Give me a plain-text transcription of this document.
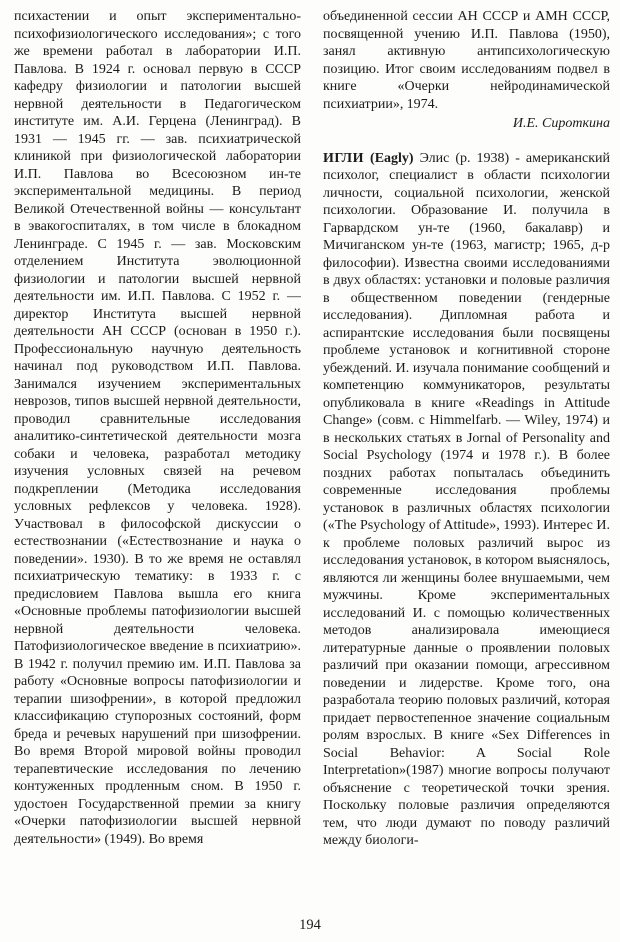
психастении и опыт экспериментально-психофизиологического исследования»; с того же времени работал в лаборатории И.П. Павлова. В 1924 г. основал первую в СССР кафедру физиологии и патологии высшей нервной деятельности в Педагогическом институте им. А.И. Герцена (Ленинград). В 1931 — 1945 гг. — зав. психиатрической клиникой при физиологической лаборатории И.П. Павлова во Всесоюзном ин-те экспериментальной медицины. В период Великой Отечественной войны — консультант в эвакогоспиталях, в том числе в блокадном Ленинграде. С 1945 г. — зав. Московским отделением Института эволюционной физиологии и патологии высшей нервной деятельности им. И.П. Павлова. С 1952 г. — директор Института высшей нервной деятельности АН СССР (основан в 1950 г.). Профессиональную научную деятельность начинал под руководством И.П. Павлова. Занимался изучением экспериментальных неврозов, типов высшей нервной деятельности, проводил сравнительные исследования аналитико-синтетической деятельности мозга собаки и человека, разработал методику изучения условных связей на речевом подкреплении (Методика исследования условных рефлексов у человека. 1928). Участвовал в философской дискуссии о естествознании («Естествознание и наука о поведении». 1930). В то же время не оставлял психиатрическую тематику: в 1933 г. с предисловием Павлова вышла его книга «Основные проблемы патофизиологии высшей нервной деятельности человека. Патофизиологическое введение в психиатрию». В 1942 г. получил премию им. И.П. Павлова за работу «Основные вопросы патофизиологии и терапии шизофрении», в которой предложил классификацию ступорозных состояний, форм бреда и речевых нарушений при шизофрении. Во время Второй мировой войны проводил терапевтические исследования по лечению контуженных продленным сном. В 1950 г. удостоен Государственной премии за книгу «Очерки патофизиологии высшей нервной деятельности» (1949). Во время

объединенной сессии АН СССР и АМН СССР, посвященной учению И.П. Павлова (1950), занял активную антипсихологическую позицию. Итог своим исследованиям подвел в книге «Очерки нейродинамической психиатрии», 1974.

И.Е. Сироткина

ИГЛИ (Eagly) Элис (р. 1938) - американский психолог, специалист в области психологии личности, социальной психологии, женской психологии. Образование И. получила в Гарвардском ун-те (1960, бакалавр) и Мичиганском ун-те (1963, магистр; 1965, д-р философии). Известна своими исследованиями в двух областях: установки и половые различия в общественном поведении (гендерные исследования). Дипломная работа и аспирантские исследования были посвящены проблеме установок и когнитивной стороне убеждений. И. изучала понимание сообщений и компетенцию коммуникаторов, результаты опубликовала в книге «Readings in Attitude Change» (совм. с Himmelfarb. — Wiley, 1974) и в нескольких статьях в Jornal of Personality and Social Psychology (1974 и 1978 г.). В более поздних работах попыталась объединить современные исследования проблемы установок в различных областях психологии («The Psychology of Attitude», 1993). Интерес И. к проблеме половых различий вырос из исследования установок, в котором выяснялось, являются ли женщины более внушаемыми, чем мужчины. Кроме экспериментальных исследований И. с помощью количественных методов анализировала имеющиеся литературные данные о проявлении половых различий при оказании помощи, агрессивном поведении и лидерстве. Кроме того, она разработала теорию половых различий, которая придает первостепенное значение социальным ролям взрослых. В книге «Sex Differences in Social Behavior: A Social Role Interpretation»(1987) многие вопросы получают объяснение с теоретической точки зрения. Поскольку половые различия определяются тем, что люди думают по поводу различий между биологи-

194
